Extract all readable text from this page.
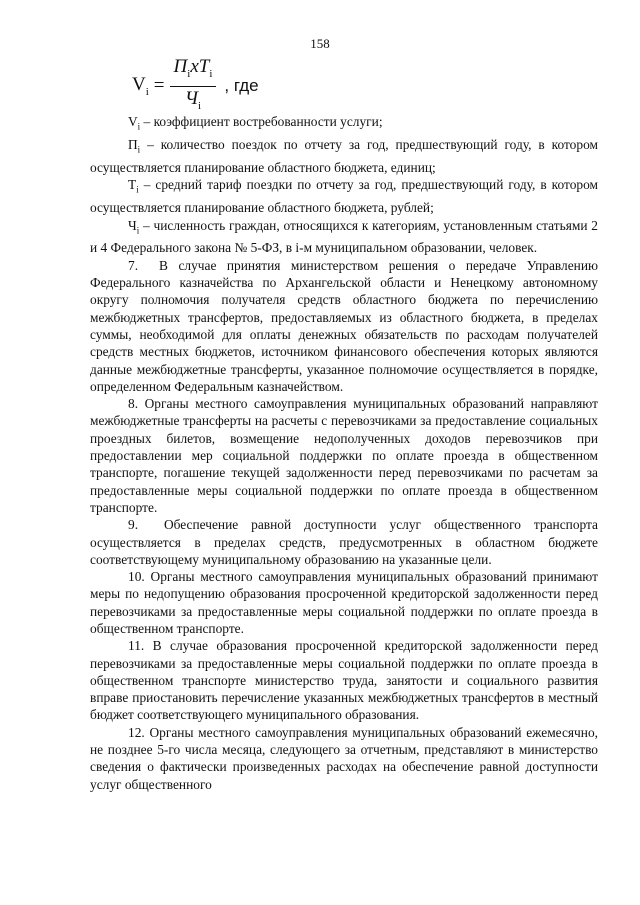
158
$V_i = \frac{П_ixT_i}{Ч_i}$ , где

$V_i$ – коэффициент востребованности услуги;

$П_i$ – количество поездок по отчету за год, предшествующий году, в котором осуществляется планирование областного бюджета, единиц;

$Т_i$ – средний тариф поездки по отчету за год, предшествующий году, в котором осуществляется планирование областного бюджета, рублей;

$Ч_i$ – численность граждан, относящихся к категориям, установленным статьями 2 и 4 Федерального закона № 5-ФЗ, в i-м муниципальном образовании, человек.

7.  В случае принятия министерством решения о передаче Управлению Федерального казначейства по Архангельской области и Ненецкому автономному округу полномочия получателя средств областного бюджета по перечислению межбюджетных трансфертов, предоставляемых из областного бюджета, в пределах суммы, необходимой для оплаты денежных обязательств по расходам получателей средств местных бюджетов, источником финансового обеспечения которых являются данные межбюджетные трансферты, указанное полномочие осуществляется в порядке, определенном Федеральным казначейством.

8. Органы местного самоуправления муниципальных образований направляют межбюджетные трансферты на расчеты с перевозчиками за предоставление социальных проездных билетов, возмещение недополученных доходов перевозчиков при предоставлении мер социальной поддержки по оплате проезда в общественном транспорте, погашение текущей задолженности перед перевозчиками по расчетам за предоставленные меры социальной поддержки по оплате проезда в общественном транспорте.

9.  Обеспечение равной доступности услуг общественного транспорта осуществляется в пределах средств, предусмотренных в областном бюджете соответствующему муниципальному образованию на указанные цели.

10. Органы местного самоуправления муниципальных образований принимают меры по недопущению образования просроченной кредиторской задолженности перед перевозчиками за предоставленные меры социальной поддержки по оплате проезда в общественном транспорте.

11. В случае образования просроченной кредиторской задолженности перед перевозчиками за предоставленные меры социальной поддержки по оплате проезда в общественном транспорте министерство труда, занятости и социального развития вправе приостановить перечисление указанных межбюджетных трансфертов в местный бюджет соответствующего муниципального образования.

12. Органы местного самоуправления муниципальных образований ежемесячно, не позднее 5-го числа месяца, следующего за отчетным, представляют в министерство сведения о фактически произведенных расходах на обеспечение равной доступности услуг общественного
